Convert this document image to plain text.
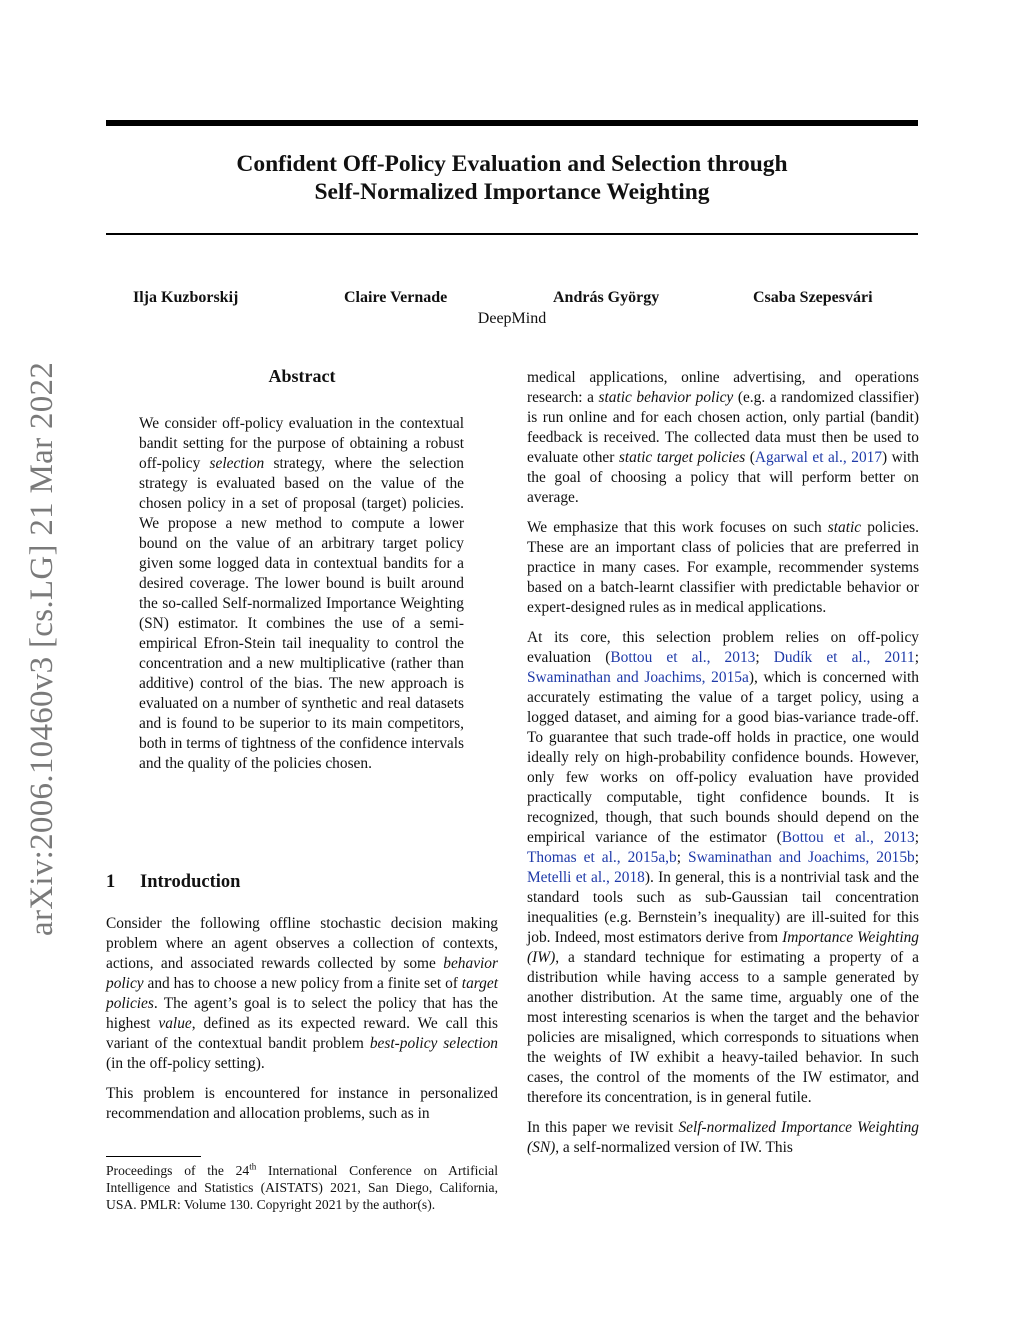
arXiv:2006.10460v3 [cs.LG] 21 Mar 2022
Confident Off-Policy Evaluation and Selection through
Self-Normalized Importance Weighting
Ilja Kuzborskij	Claire Vernade	András György	Csaba Szepesvári
DeepMind
Abstract
We consider off-policy evaluation in the contextual bandit setting for the purpose of obtaining a robust off-policy selection strategy, where the selection strategy is evaluated based on the value of the chosen policy in a set of proposal (target) policies. We propose a new method to compute a lower bound on the value of an arbitrary target policy given some logged data in contextual bandits for a desired coverage. The lower bound is built around the so-called Self-normalized Importance Weighting (SN) estimator. It combines the use of a semi-empirical Efron-Stein tail inequality to control the concentration and a new multiplicative (rather than additive) control of the bias. The new approach is evaluated on a number of synthetic and real datasets and is found to be superior to its main competitors, both in terms of tightness of the confidence intervals and the quality of the policies chosen.
1 Introduction

Consider the following offline stochastic decision making problem where an agent observes a collection of contexts, actions, and associated rewards collected by some behavior policy and has to choose a new policy from a finite set of target policies. The agent’s goal is to select the policy that has the highest value, defined as its expected reward. We call this variant of the contextual bandit problem best-policy selection (in the off-policy setting).

This problem is encountered for instance in personalized recommendation and allocation problems, such as in

Proceedings of the 24th International Conference on Artificial Intelligence and Statistics (AISTATS) 2021, San Diego, California, USA. PMLR: Volume 130. Copyright 2021 by the author(s).

medical applications, online advertising, and operations research: a static behavior policy (e.g. a randomized classifier) is run online and for each chosen action, only partial (bandit) feedback is received. The collected data must then be used to evaluate other static target policies (Agarwal et al., 2017) with the goal of choosing a policy that will perform better on average.

We emphasize that this work focuses on such static policies. These are an important class of policies that are preferred in practice in many cases. For example, recommender systems based on a batch-learnt classifier with predictable behavior or expert-designed rules as in medical applications.

At its core, this selection problem relies on off-policy evaluation (Bottou et al., 2013; Dudík et al., 2011; Swaminathan and Joachims, 2015a), which is concerned with accurately estimating the value of a target policy, using a logged dataset, and aiming for a good bias-variance trade-off. To guarantee that such trade-off holds in practice, one would ideally rely on high-probability confidence bounds. However, only few works on off-policy evaluation have provided practically computable, tight confidence bounds. It is recognized, though, that such bounds should depend on the empirical variance of the estimator (Bottou et al., 2013; Thomas et al., 2015a,b; Swaminathan and Joachims, 2015b; Metelli et al., 2018). In general, this is a nontrivial task and the standard tools such as sub-Gaussian tail concentration inequalities (e.g. Bernstein’s inequality) are ill-suited for this job. Indeed, most estimators derive from Importance Weighting (IW), a standard technique for estimating a property of a distribution while having access to a sample generated by another distribution. At the same time, arguably one of the most interesting scenarios is when the target and the behavior policies are misaligned, which corresponds to situations when the weights of IW exhibit a heavy-tailed behavior. In such cases, the control of the moments of the IW estimator, and therefore its concentration, is in general futile.

In this paper we revisit Self-normalized Importance Weighting (SN), a self-normalized version of IW. This
